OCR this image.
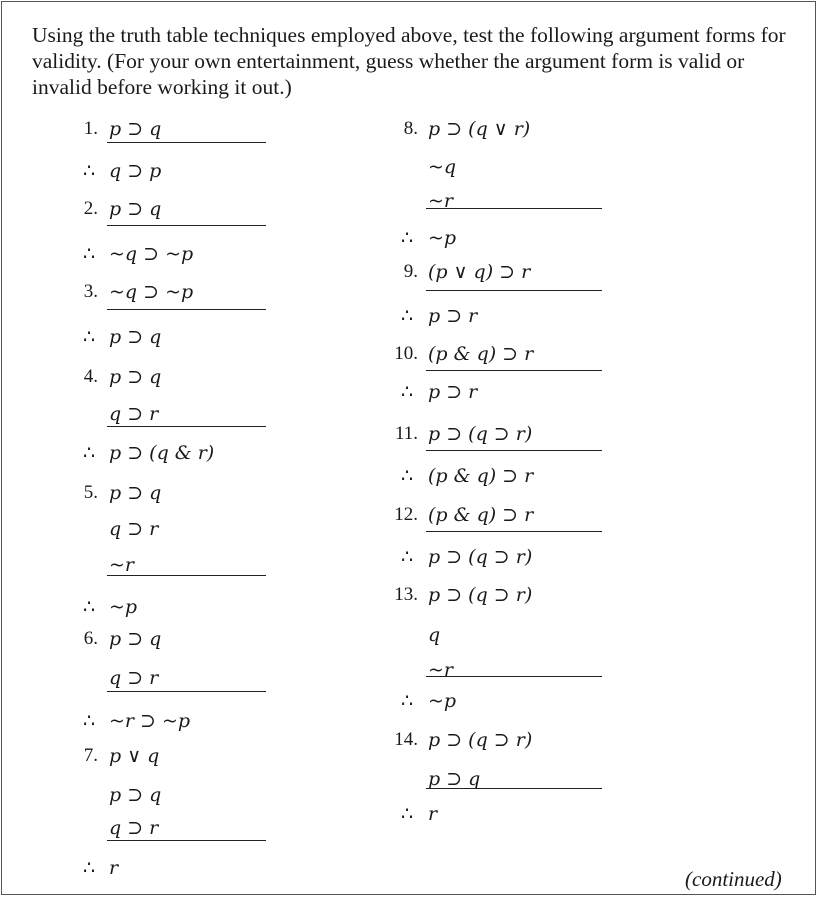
Using the truth table techniques employed above, test the following argument forms for validity. (For your own entertainment, guess whether the argument form is valid or invalid before working it out.)

1. p ⊃ q
∴ q ⊃ p
2. p ⊃ q
∴ ~q ⊃ ~p
3. ~q ⊃ ~p
∴ p ⊃ q
4. p ⊃ q
q ⊃ r
∴ p ⊃ (q & r)
5. p ⊃ q
q ⊃ r
~r
∴ ~p
6. p ⊃ q
q ⊃ r
∴ ~r ⊃ ~p
7. p ∨ q
p ⊃ q
q ⊃ r
∴ r
8. p ⊃ (q ∨ r)
~q
~r
∴ ~p
9. (p ∨ q) ⊃ r
∴ p ⊃ r
10. (p & q) ⊃ r
∴ p ⊃ r
11. p ⊃ (q ⊃ r)
∴ (p & q) ⊃ r
12. (p & q) ⊃ r
∴ p ⊃ (q ⊃ r)
13. p ⊃ (q ⊃ r)
q
~r
∴ ~p
14. p ⊃ (q ⊃ r)
p ⊃ q
∴ r
(continued)
